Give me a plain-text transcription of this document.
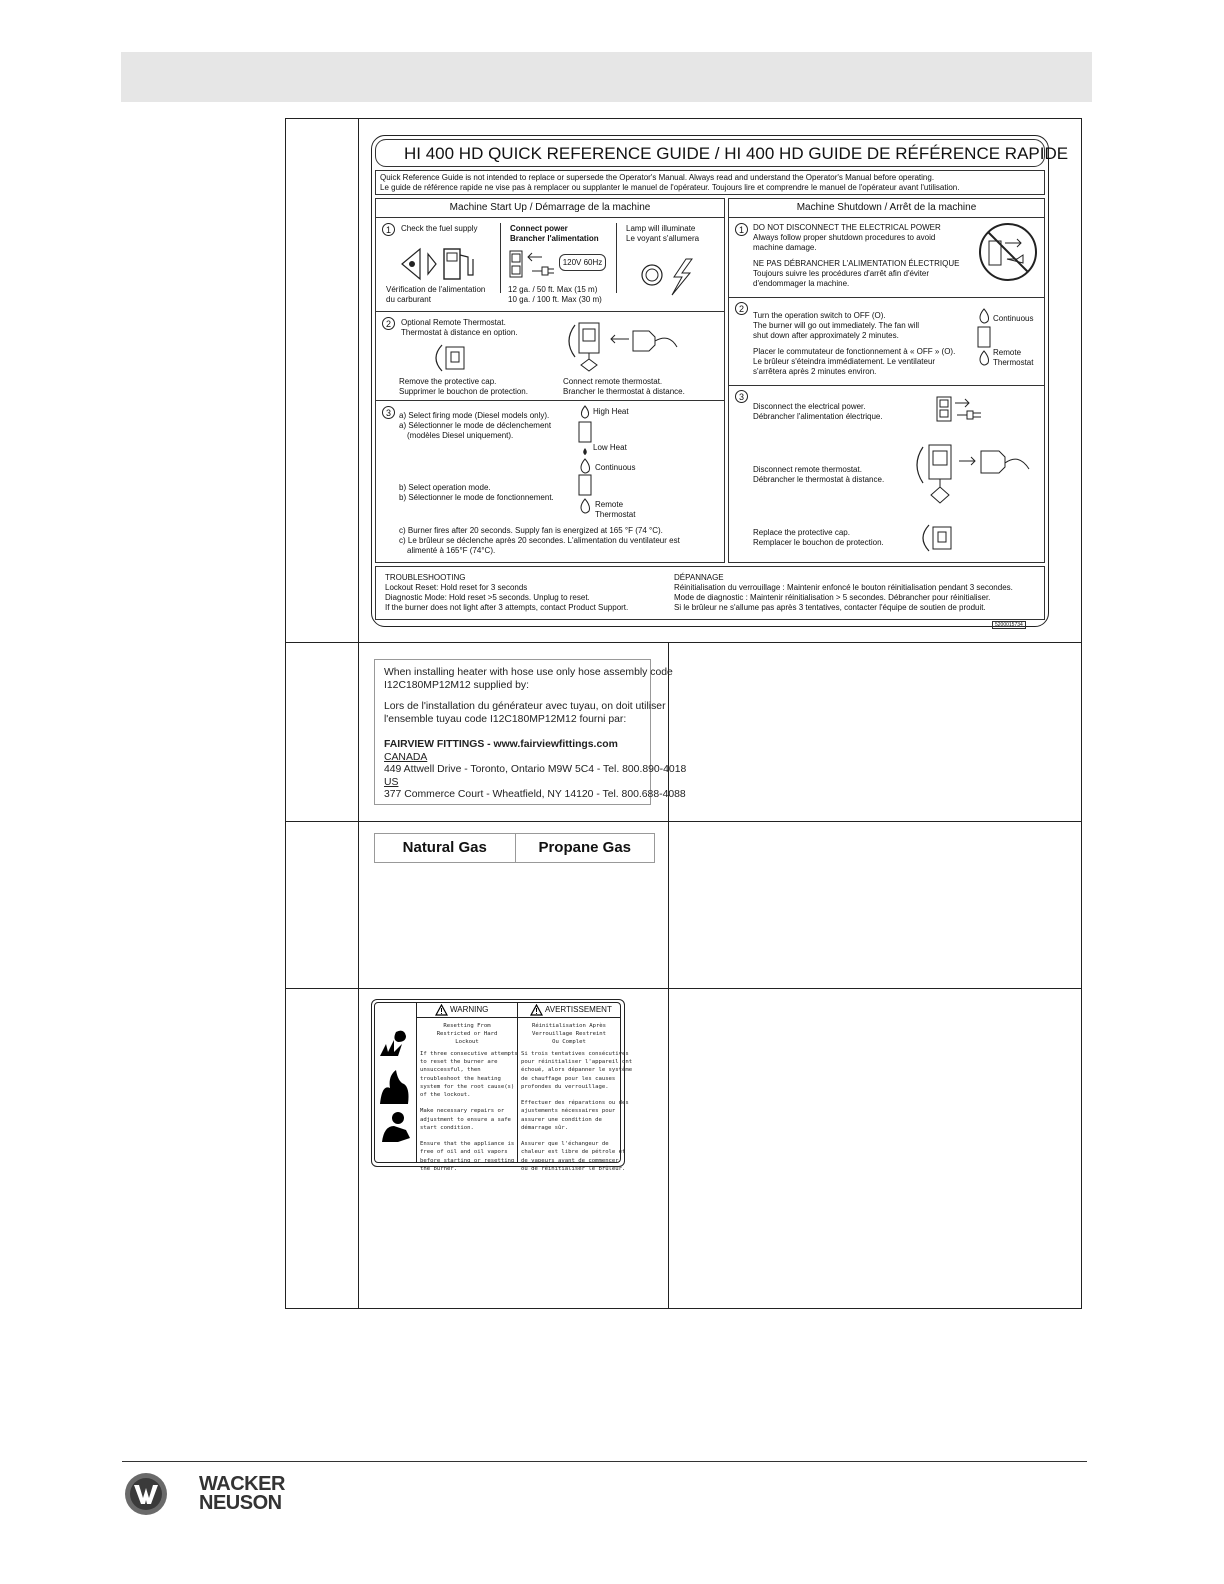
HI 400 HD QUICK REFERENCE GUIDE / HI 400 HD GUIDE DE RÉFÉRENCE RAPIDE
Quick Reference Guide is not intended to replace or supersede the Operator's Manual. Always read and understand the Operator's Manual before operating.
Le guide de référence rapide ne vise pas à remplacer ou supplanter le manuel de l'opérateur. Toujours lire et comprendre le manuel de l'opérateur avant l'utilisation.
Machine Start Up / Démarrage de la machine
1	Check the fuel supply
Vérification de l'alimentation
du carburant
Connect power
Brancher l'alimentation
120V 60Hz
12 ga. / 50 ft. Max (15 m)
10 ga. / 100 ft. Max (30 m)
Lamp will illuminate
Le voyant s'allumera
2	Optional Remote Thermostat.
Thermostat à distance en option.
Remove the protective cap.
Supprimer le bouchon de protection.
Connect remote thermostat.
Brancher le thermostat à distance.
3	a) Select firing mode (Diesel models only).
a) Sélectionner le mode de déclenchement
(modèles Diesel uniquement).
High Heat
Low Heat
Continuous
b) Select operation mode.
b) Sélectionner le mode de fonctionnement.
Remote
Thermostat
c) Burner fires after 20 seconds. Supply fan is energized at 165 °F (74 °C).
c) Le brûleur se déclenche après 20 secondes. L'alimentation du ventilateur est
alimenté à 165°F (74°C).
Machine Shutdown / Arrêt de la machine
1	DO NOT DISCONNECT THE ELECTRICAL POWER
Always follow proper shutdown procedures to avoid
machine damage.
NE PAS DÉBRANCHER L'ALIMENTATION ÉLECTRIQUE
Toujours suivre les procédures d'arrêt afin d'éviter
d'endommager la machine.
2
Turn the operation switch to OFF (O).
The burner will go out immediately. The fan will
shut down after approximately 2 minutes.
Placer le commutateur de fonctionnement à « OFF » (O).
Le brûleur s'éteindra immédiatement. Le ventilateur
s'arrêtera après 2 minutes environ.
Continuous
Remote
Thermostat
3
Disconnect the electrical power.
Débrancher l'alimentation électrique.
Disconnect remote thermostat.
Débrancher le thermostat à distance.
Replace the protective cap.
Remplacer le bouchon de protection.
TROUBLESHOOTING
Lockout Reset: Hold reset for 3 seconds
Diagnostic Mode: Hold reset >5 seconds. Unplug to reset.
If the burner does not light after 3 attempts, contact Product Support.
DÉPANNAGE
Réinitialisation du verrouillage : Maintenir enfoncé le bouton réinitialisation pendant 3 secondes.
Mode de diagnostic : Maintenir réinitialisation > 5 secondes. Débrancher pour réinitialiser.
Si le brûleur ne s'allume pas après 3 tentatives, contacter l'équipe de soutien de produit.
5200015734
When installing heater with hose use only hose assembly code
I12C180MP12M12 supplied by:
Lors de l'installation du générateur avec tuyau, on doit utiliser
l'ensemble tuyau code I12C180MP12M12 fourni par:
FAIRVIEW FITTINGS - www.fairviewfittings.com
CANADA
449 Attwell Drive - Toronto, Ontario M9W 5C4 - Tel. 800.890-4018
US
377 Commerce Court - Wheatfield, NY 14120 - Tel. 800.688-4088
Natural Gas	Propane Gas
WARNING	AVERTISSEMENT
Resetting From
Restricted or Hard
Lockout
If three consecutive attempts
to reset the burner are
unsuccessful, then
troubleshoot the heating
system for the root cause(s)
of the lockout.

Make necessary repairs or
adjustment to ensure a safe
start condition.

Ensure that the appliance is
free of oil and oil vapors
before starting or resetting
the burner.
Réinitialisation Après
Verrouillage Restreint
Ou Complet
Si trois tentatives consécutives
pour réinitialiser l'appareil ont
échoué, alors dépanner le système
de chauffage pour les causes
profondes du verrouillage.

Effectuer des réparations ou des
ajustements nécessaires pour
assurer une condition de
démarrage sûr.

Assurer que l'échangeur de
chaleur est libre de pétrole et
de vapeurs avant de commencer
ou de réinitialiser le brûleur.
WACKER
NEUSON
